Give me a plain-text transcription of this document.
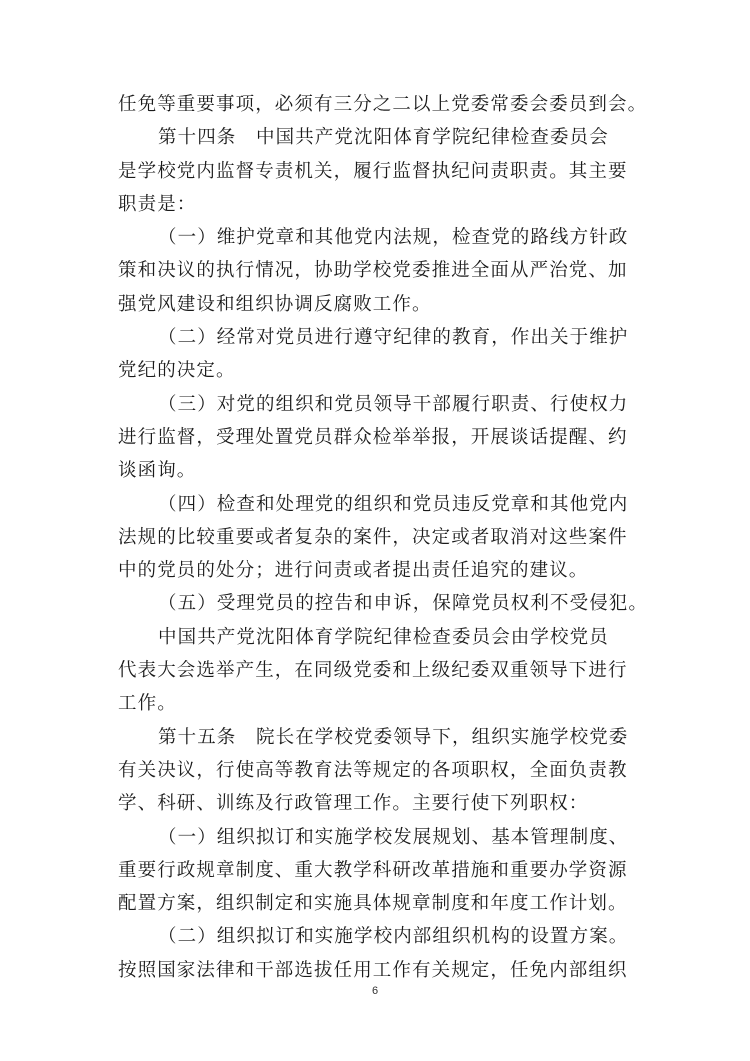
任免等重要事项，必须有三分之二以上党委常委会委员到会。
第十四条　中国共产党沈阳体育学院纪律检查委员会
是学校党内监督专责机关，履行监督执纪问责职责。其主要
职责是：
（一）维护党章和其他党内法规，检查党的路线方针政
策和决议的执行情况，协助学校党委推进全面从严治党、加
强党风建设和组织协调反腐败工作。
（二）经常对党员进行遵守纪律的教育，作出关于维护
党纪的决定。
（三）对党的组织和党员领导干部履行职责、行使权力
进行监督，受理处置党员群众检举举报，开展谈话提醒、约
谈函询。
（四）检查和处理党的组织和党员违反党章和其他党内
法规的比较重要或者复杂的案件，决定或者取消对这些案件
中的党员的处分；进行问责或者提出责任追究的建议。
（五）受理党员的控告和申诉，保障党员权利不受侵犯。
中国共产党沈阳体育学院纪律检查委员会由学校党员
代表大会选举产生，在同级党委和上级纪委双重领导下进行
工作。
第十五条　院长在学校党委领导下，组织实施学校党委
有关决议，行使高等教育法等规定的各项职权，全面负责教
学、科研、训练及行政管理工作。主要行使下列职权：
（一）组织拟订和实施学校发展规划、基本管理制度、
重要行政规章制度、重大教学科研改革措施和重要办学资源
配置方案，组织制定和实施具体规章制度和年度工作计划。
（二）组织拟订和实施学校内部组织机构的设置方案。
按照国家法律和干部选拔任用工作有关规定，任免内部组织
6
